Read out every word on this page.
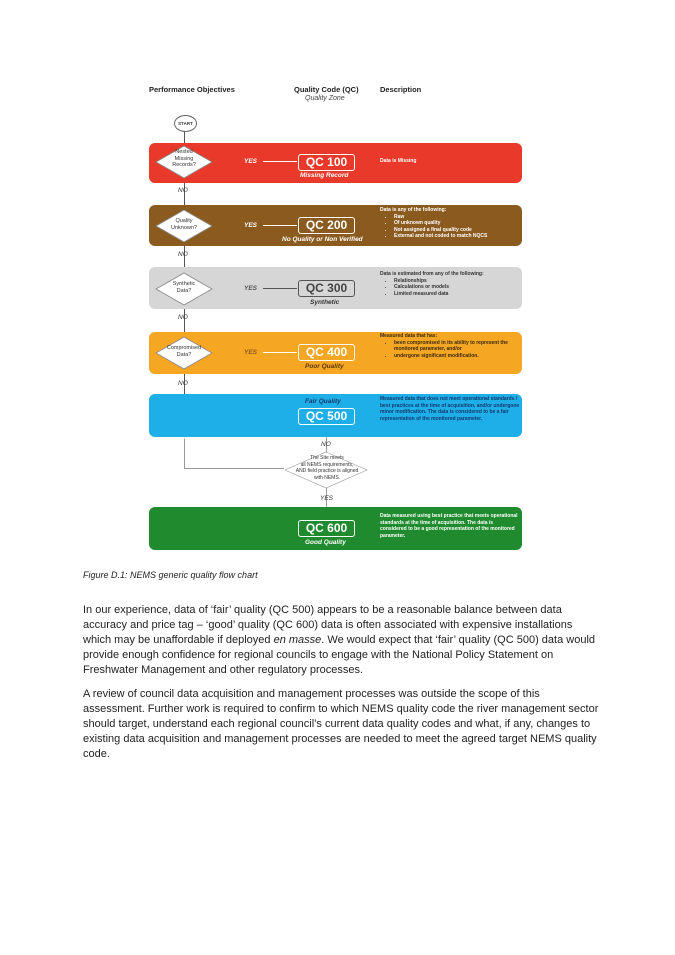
Performance Objectives	Quality Code (QC)
Quality Zone
Description
START
Nested
Missing
Records?	YES	QC 100
Missing Record
Data is Missing
NO
Quality
Unknown?	YES	QC 200
No Quality or Non Verified
Data is any of the following:
• Raw
• Of unknown quality
• Not assigned a final quality code
• External and not coded to match NQCS
NO
Synthetic
Data?	YES	QC 300
Synthetic
Data is estimated from any of the following:
• Relationships
• Calculations or models
• Limited measured data
NO
Compromised
Data?	YES	QC 400
Poor Quality
Measured data that has:
• been compromised in its ability to represent the monitored parameter, and/or
• undergone significant modification.
NO
Fair Quality
QC 500
Measured data that does not meet operational standards / best practices at the time of acquisition, and/or undergone minor modification. The data is considered to be a fair representation of the monitored parameter.
NO
The Site meets
all NEMS requirements,
AND field practice is aligned
with NEMS.
YES
QC 600
Good Quality
Data measured using best practice that meets operational standards at the time of acquisition. The data is considered to be a good representation of the monitored parameter.
Figure D.1: NEMS generic quality flow chart

In our experience, data of ‘fair’ quality (QC 500) appears to be a reasonable balance between data accuracy and price tag – ‘good’ quality (QC 600) data is often associated with expensive installations which may be unaffordable if deployed en masse. We would expect that ‘fair’ quality (QC 500) data would provide enough confidence for regional councils to engage with the National Policy Statement on Freshwater Management and other regulatory processes.

A review of council data acquisition and management processes was outside the scope of this assessment. Further work is required to confirm to which NEMS quality code the river management sector should target, understand each regional council’s current data quality codes and what, if any, changes to existing data acquisition and management processes are needed to meet the agreed target NEMS quality code.
